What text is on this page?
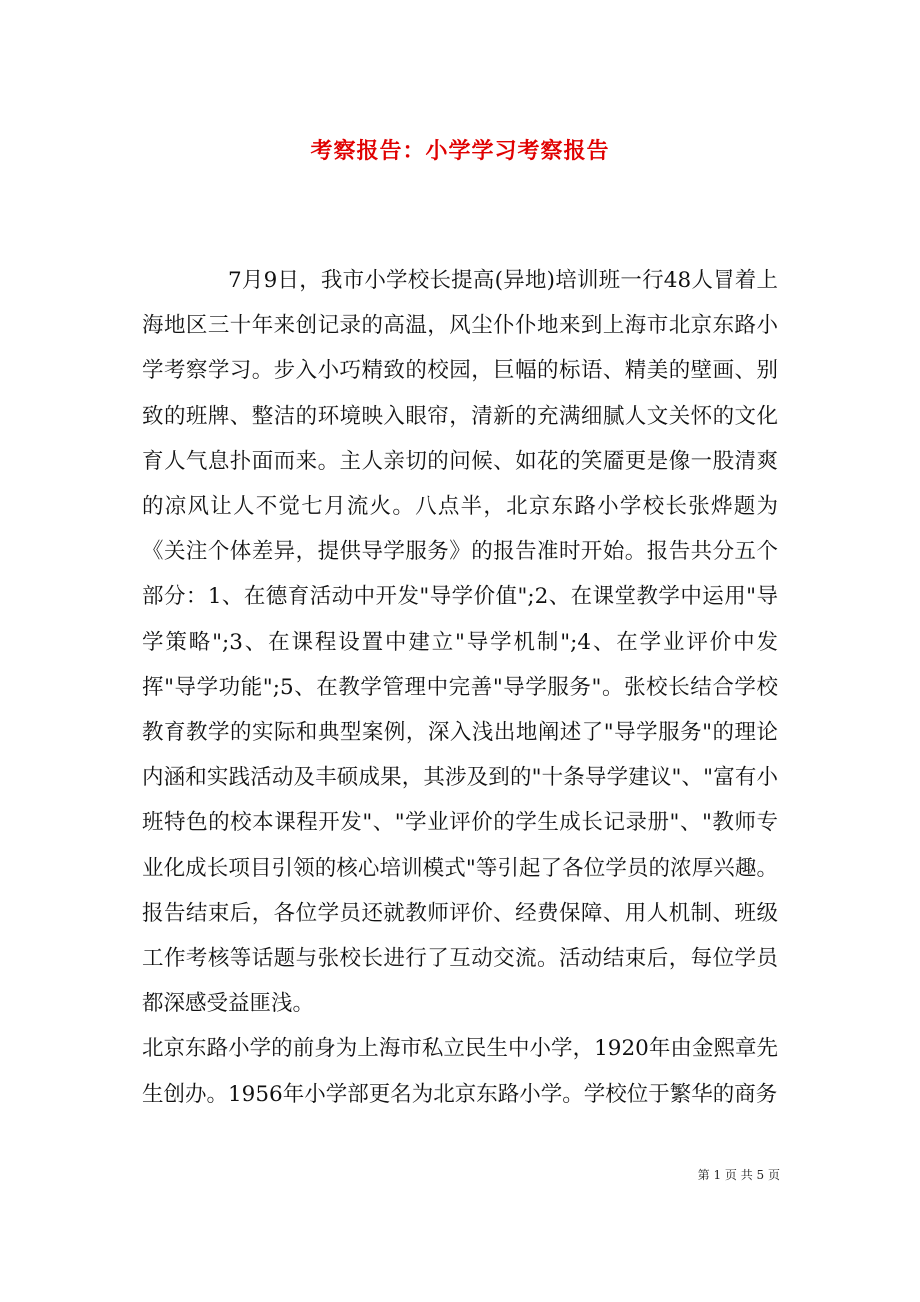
考察报告：小学学习考察报告

7月9日，我市小学校长提高(异地)培训班一行48人冒着上海地区三十年来创记录的高温，风尘仆仆地来到上海市北京东路小学考察学习。步入小巧精致的校园，巨幅的标语、精美的壁画、别致的班牌、整洁的环境映入眼帘，清新的充满细腻人文关怀的文化育人气息扑面而来。主人亲切的问候、如花的笑靥更是像一股清爽的凉风让人不觉七月流火。八点半，北京东路小学校长张烨题为《关注个体差异，提供导学服务》的报告准时开始。报告共分五个部分：1、在德育活动中开发"导学价值";2、在课堂教学中运用"导学策略";3、在课程设置中建立"导学机制";4、在学业评价中发挥"导学功能";5、在教学管理中完善"导学服务"。张校长结合学校教育教学的实际和典型案例，深入浅出地阐述了"导学服务"的理论内涵和实践活动及丰硕成果，其涉及到的"十条导学建议"、"富有小班特色的校本课程开发"、"学业评价的学生成长记录册"、"教师专业化成长项目引领的核心培训模式"等引起了各位学员的浓厚兴趣。报告结束后，各位学员还就教师评价、经费保障、用人机制、班级工作考核等话题与张校长进行了互动交流。活动结束后，每位学员都深感受益匪浅。

北京东路小学的前身为上海市私立民生中小学，1920年由金熙章先生创办。1956年小学部更名为北京东路小学。学校位于繁华的商务

第 1 页 共 5 页
